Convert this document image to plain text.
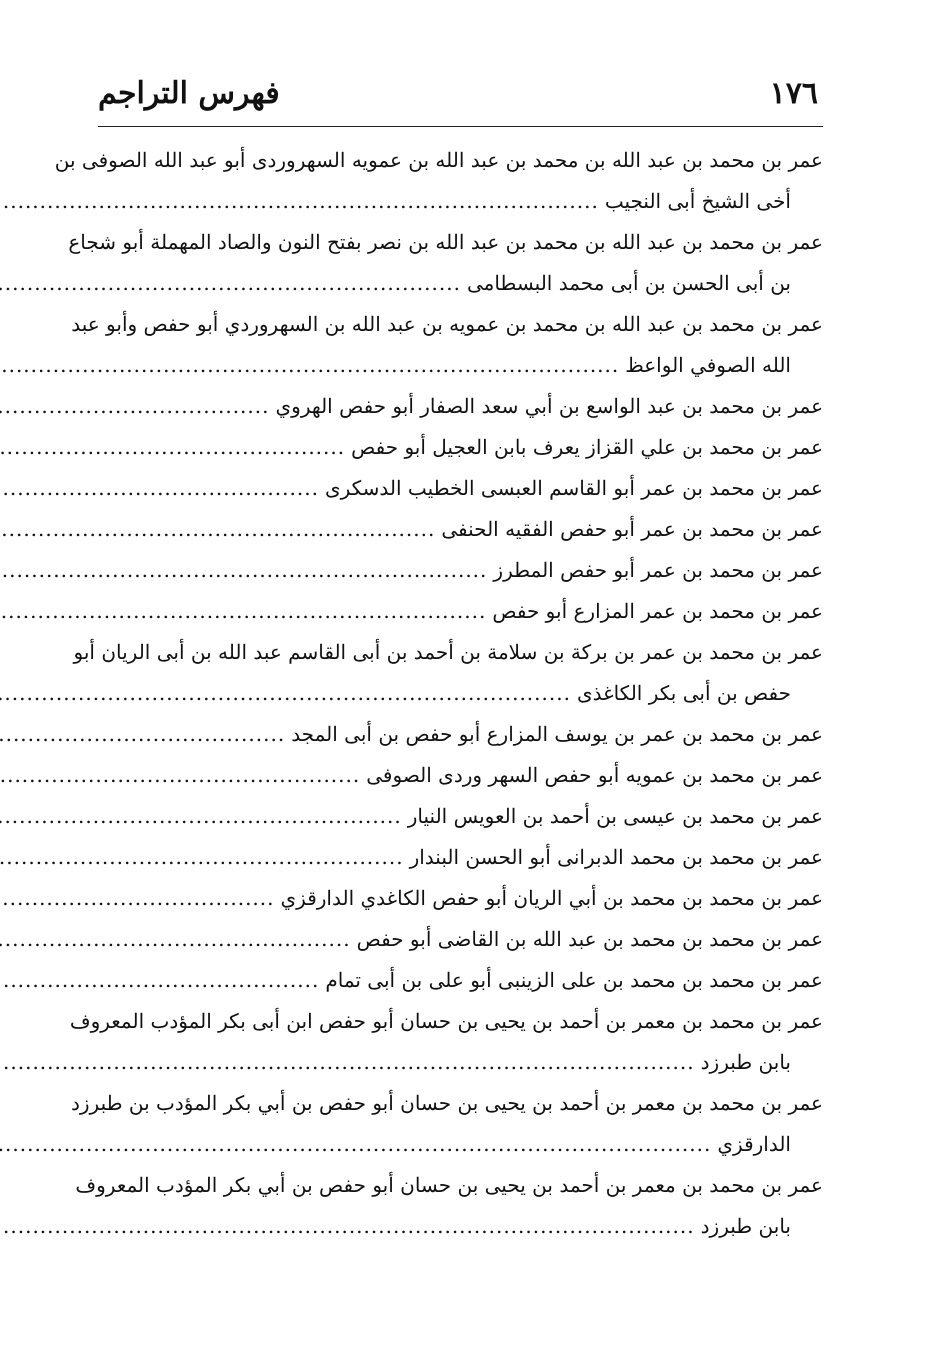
فهرس التراجم	١٧٦
عمر بن محمد بن عبد الله بن محمد بن عبد الله بن عمويه السهروردى أبو عبد الله الصوفى بن
أخى الشيخ أبى النجيب
.....
عمر بن محمد بن عبد الله بن محمد بن عبد الله بن نصر بفتح النون والصاد المهملة أبو شجاع
بن أبى الحسن بن أبى محمد البسطامى
.....
عمر بن محمد بن عبد الله بن محمد بن عمويه بن عبد الله بن السهروردي أبو حفص وأبو عبد
الله الصوفي الواعظ
.....
عمر بن محمد بن عبد الواسع بن أبي سعد الصفار أبو حفص الهروي
.....
عمر بن محمد بن علي القزاز يعرف بابن العجيل أبو حفص
.....
عمر بن محمد بن عمر أبو القاسم العبسى الخطيب الدسكرى
.....
عمر بن محمد بن عمر أبو حفص الفقيه الحنفى
.....
عمر بن محمد بن عمر أبو حفص المطرز
.....
عمر بن محمد بن عمر المزارع أبو حفص
.....
عمر بن محمد بن عمر بن بركة بن سلامة بن أحمد بن أبى القاسم عبد الله بن أبى الريان أبو
حفص بن أبى بكر الكاغذى
.....
عمر بن محمد بن عمر بن يوسف المزارع أبو حفص بن أبى المجد
.....
عمر بن محمد بن عمويه أبو حفص السهر وردى الصوفى
.....
عمر بن محمد بن عيسى بن أحمد بن العويس النيار
.....
عمر بن محمد بن محمد الدبرانى أبو الحسن البندار
.....
عمر بن محمد بن محمد بن أبي الريان أبو حفص الكاغدي الدارقزي
.....
عمر بن محمد بن محمد بن عبد الله بن القاضى أبو حفص
.....
عمر بن محمد بن محمد بن على الزينبى أبو على بن أبى تمام
.....
عمر بن محمد بن معمر بن أحمد بن يحيى بن حسان أبو حفص ابن أبى بكر المؤدب المعروف
بابن طبرزد
.....
عمر بن محمد بن معمر بن أحمد بن يحيى بن حسان أبو حفص بن أبي بكر المؤدب بن طبرزد
الدارقزي
.....
عمر بن محمد بن معمر بن أحمد بن يحيى بن حسان أبو حفص بن أبي بكر المؤدب المعروف
بابن طبرزد
.....
